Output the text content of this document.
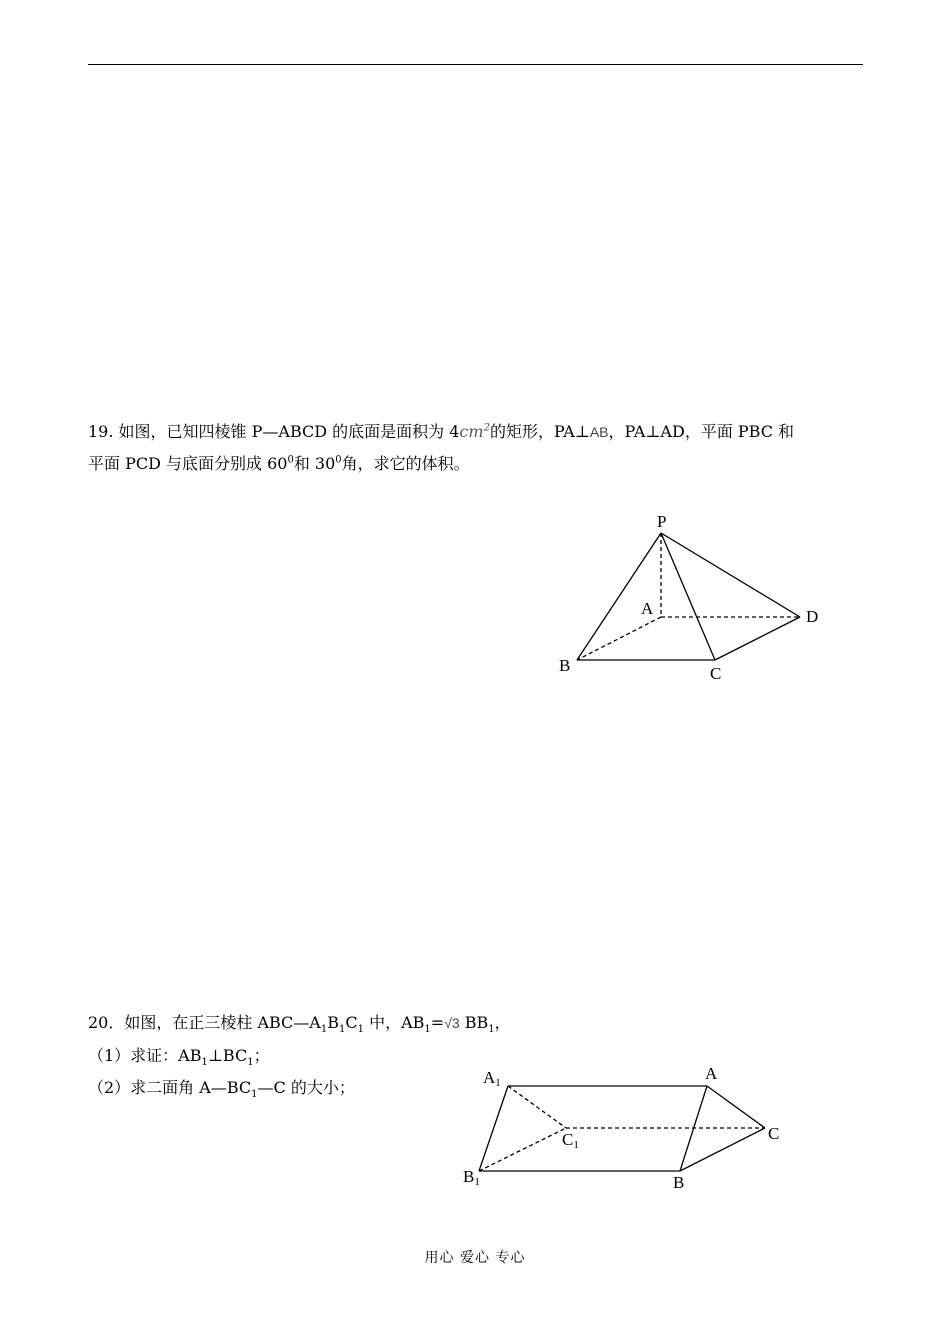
19. 如图，已知四棱锥 P—ABCD 的底面是面积为 $4cm^2$的矩形，PA⊥AB，PA⊥AD，平面 PBC 和
平面 PCD 与底面分别成 $60^0$和 $30^0$角，求它的体积。
P
A
B	C
D
A1	A
C1
C
B1	B
20．如图，在正三棱柱 $ABC—A_1B_1C_1$ 中，$AB_1=√3$ $BB_1$，
（1）求证：$AB_1\perp BC_1$；
（2）求二面角 $A—BC_1—C$ 的大小；
用心 爱心 专心
